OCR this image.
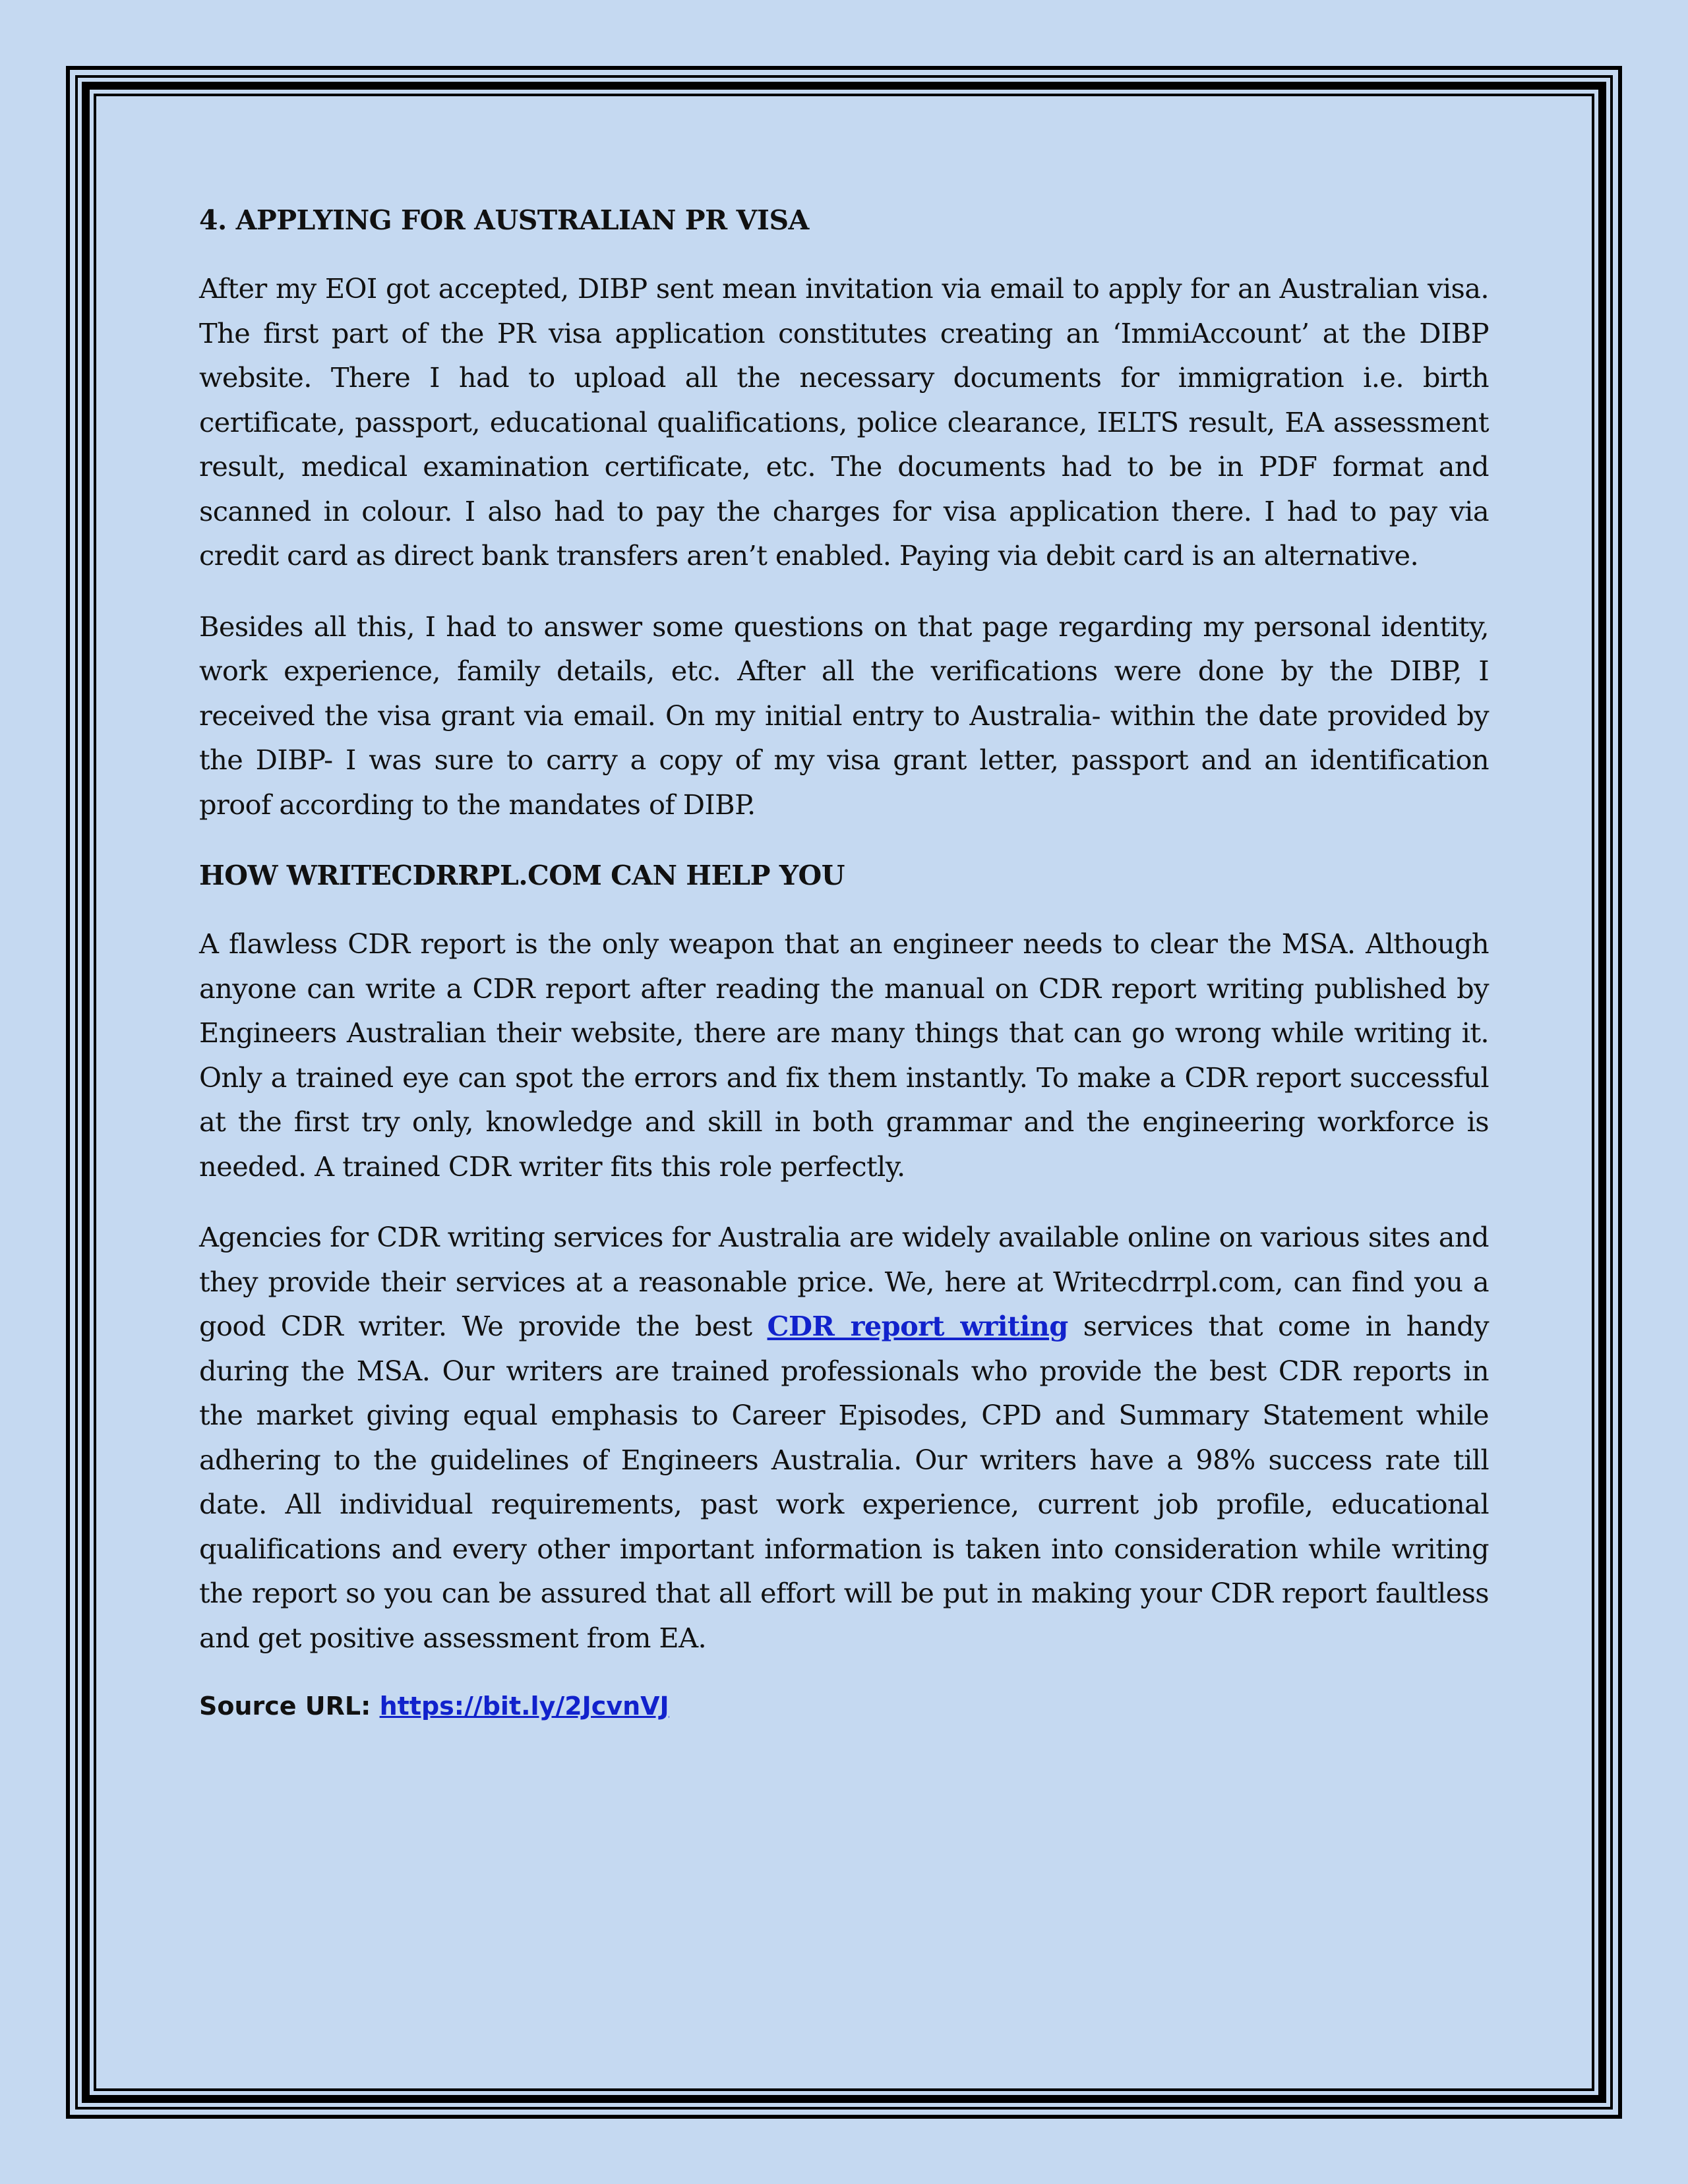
4. APPLYING FOR AUSTRALIAN PR VISA

After my EOI got accepted, DIBP sent mean invitation via email to apply for an Australian visa. The first part of the PR visa application constitutes creating an ‘ImmiAccount’ at the DIBP website. There I had to upload all the necessary documents for immigration i.e. birth certificate, passport, educational qualifications, police clearance, IELTS result, EA assessment result, medical examination certificate, etc. The documents had to be in PDF format and scanned in colour. I also had to pay the charges for visa application there. I had to pay via credit card as direct bank transfers aren’t enabled. Paying via debit card is an alternative.

Besides all this, I had to answer some questions on that page regarding my personal identity, work experience, family details, etc. After all the verifications were done by the DIBP, I received the visa grant via email. On my initial entry to Australia- within the date provided by the DIBP- I was sure to carry a copy of my visa grant letter, passport and an identification proof according to the mandates of DIBP.

HOW WRITECDRRPL.COM CAN HELP YOU

A flawless CDR report is the only weapon that an engineer needs to clear the MSA. Although anyone can write a CDR report after reading the manual on CDR report writing published by Engineers Australian their website, there are many things that can go wrong while writing it. Only a trained eye can spot the errors and fix them instantly. To make a CDR report successful at the first try only, knowledge and skill in both grammar and the engineering workforce is needed. A trained CDR writer fits this role perfectly.

Agencies for CDR writing services for Australia are widely available online on various sites and they provide their services at a reasonable price. We, here at Writecdrrpl.com, can find you a good CDR writer. We provide the best CDR report writing services that come in handy during the MSA. Our writers are trained professionals who provide the best CDR reports in the market giving equal emphasis to Career Episodes, CPD and Summary Statement while adhering to the guidelines of Engineers Australia. Our writers have a 98% success rate till date. All individual requirements, past work experience, current job profile, educational qualifications and every other important information is taken into consideration while writing the report so you can be assured that all effort will be put in making your CDR report faultless and get positive assessment from EA.

Source URL: https://bit.ly/2JcvnVJ
